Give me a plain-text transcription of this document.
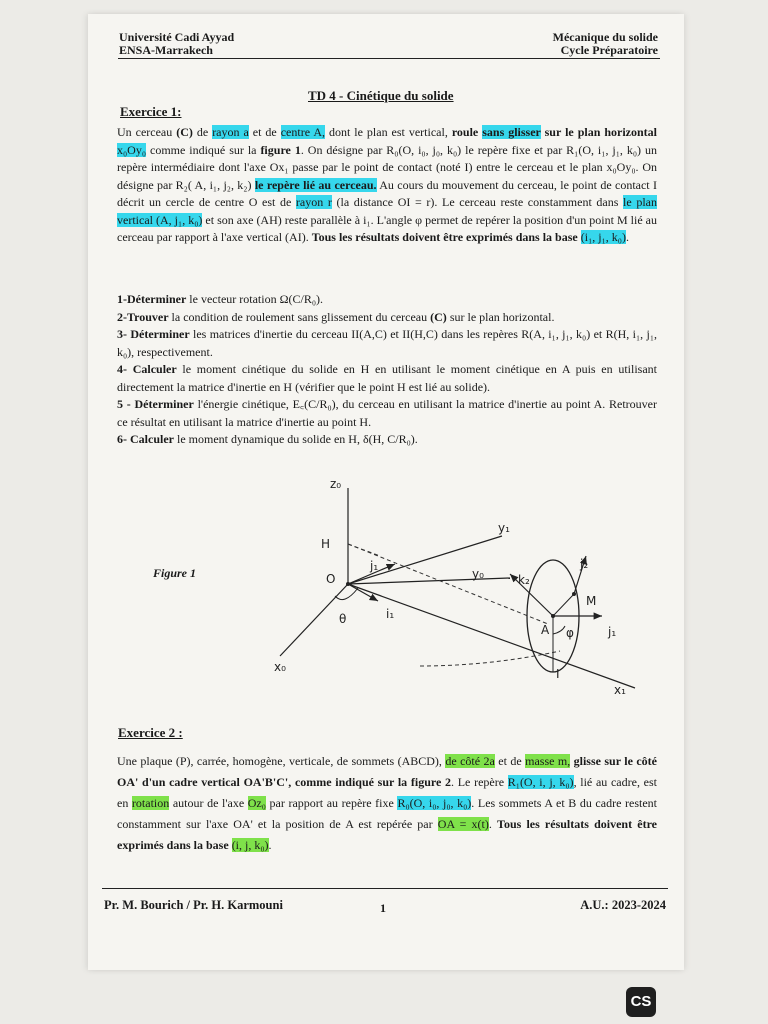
Université Cadi Ayyad
ENSA-Marrakech
Mécanique du solide
Cycle Préparatoire
TD 4 - Cinétique du solide
Exercice 1:
Un cerceau (C) de rayon a et de centre A, dont le plan est vertical, roule sans glisser sur le plan horizontal x₀Oy₀ comme indiqué sur la figure 1. On désigne par R₀(O, i₀, j₀, k₀) le repère fixe et par R₁(O, i₁, j₁, k₀) un repère intermédiaire dont l'axe Ox₁ passe par le point de contact (noté I) entre le cerceau et le plan x₀Oy₀. On désigne par R₂( A, i₁, j₂, k₂) le repère lié au cerceau. Au cours du mouvement du cerceau, le point de contact I décrit un cercle de centre O est de rayon r (la distance OI = r). Le cerceau reste constamment dans le plan vertical (A, j₁, k₀) et son axe (AH) reste parallèle à i₁. L'angle φ permet de repérer la position d'un point M lié au cerceau par rapport à l'axe vertical (AI). Tous les résultats doivent être exprimés dans la base (i₁, j₁, k₀).
1-Déterminer le vecteur rotation Ω(C/R₀).
2-Trouver la condition de roulement sans glissement du cerceau (C) sur le plan horizontal.
3- Déterminer les matrices d'inertie du cerceau II(A,C) et II(H,C) dans les repères R(A, i₁, j₁, k₀) et R(H, i₁, j₁, k₀), respectivement.
4- Calculer le moment cinétique du solide en H en utilisant le moment cinétique en A puis en utilisant directement la matrice d'inertie en H (vérifier que le point H est lié au solide).
5 - Déterminer l'énergie cinétique, E꜀(C/R₀), du cerceau en utilisant la matrice d'inertie au point A. Retrouver ce résultat en utilisant la matrice d'inertie au point H.
6- Calculer le moment dynamique du solide en H, δ(H, C/R₀).
Figure 1
z₀
H
O
θ
x₀
y₁
y₀
j₁
i₁
k₂
j₂
M
A φ	j₁
I
x₁
Exercice 2 :
Une plaque (P), carrée, homogène, verticale, de sommets (ABCD), de côté 2a et de masse m, glisse sur le côté OA' d'un cadre vertical OA'B'C', comme indiqué sur la figure 2. Le repère R₁(O, i, j, k₀), lié au cadre, est en rotation autour de l'axe Oz₀ par rapport au repère fixe R₀(O, i₀, j₀, k₀). Les sommets A et B du cadre restent constamment sur l'axe OA' et la position de A est repérée par OA = x(t). Tous les résultats doivent être exprimés dans la base (i, j, k₀).
Pr. M. Bourich / Pr. H. Karmouni	1	A.U.: 2023-2024
CS
